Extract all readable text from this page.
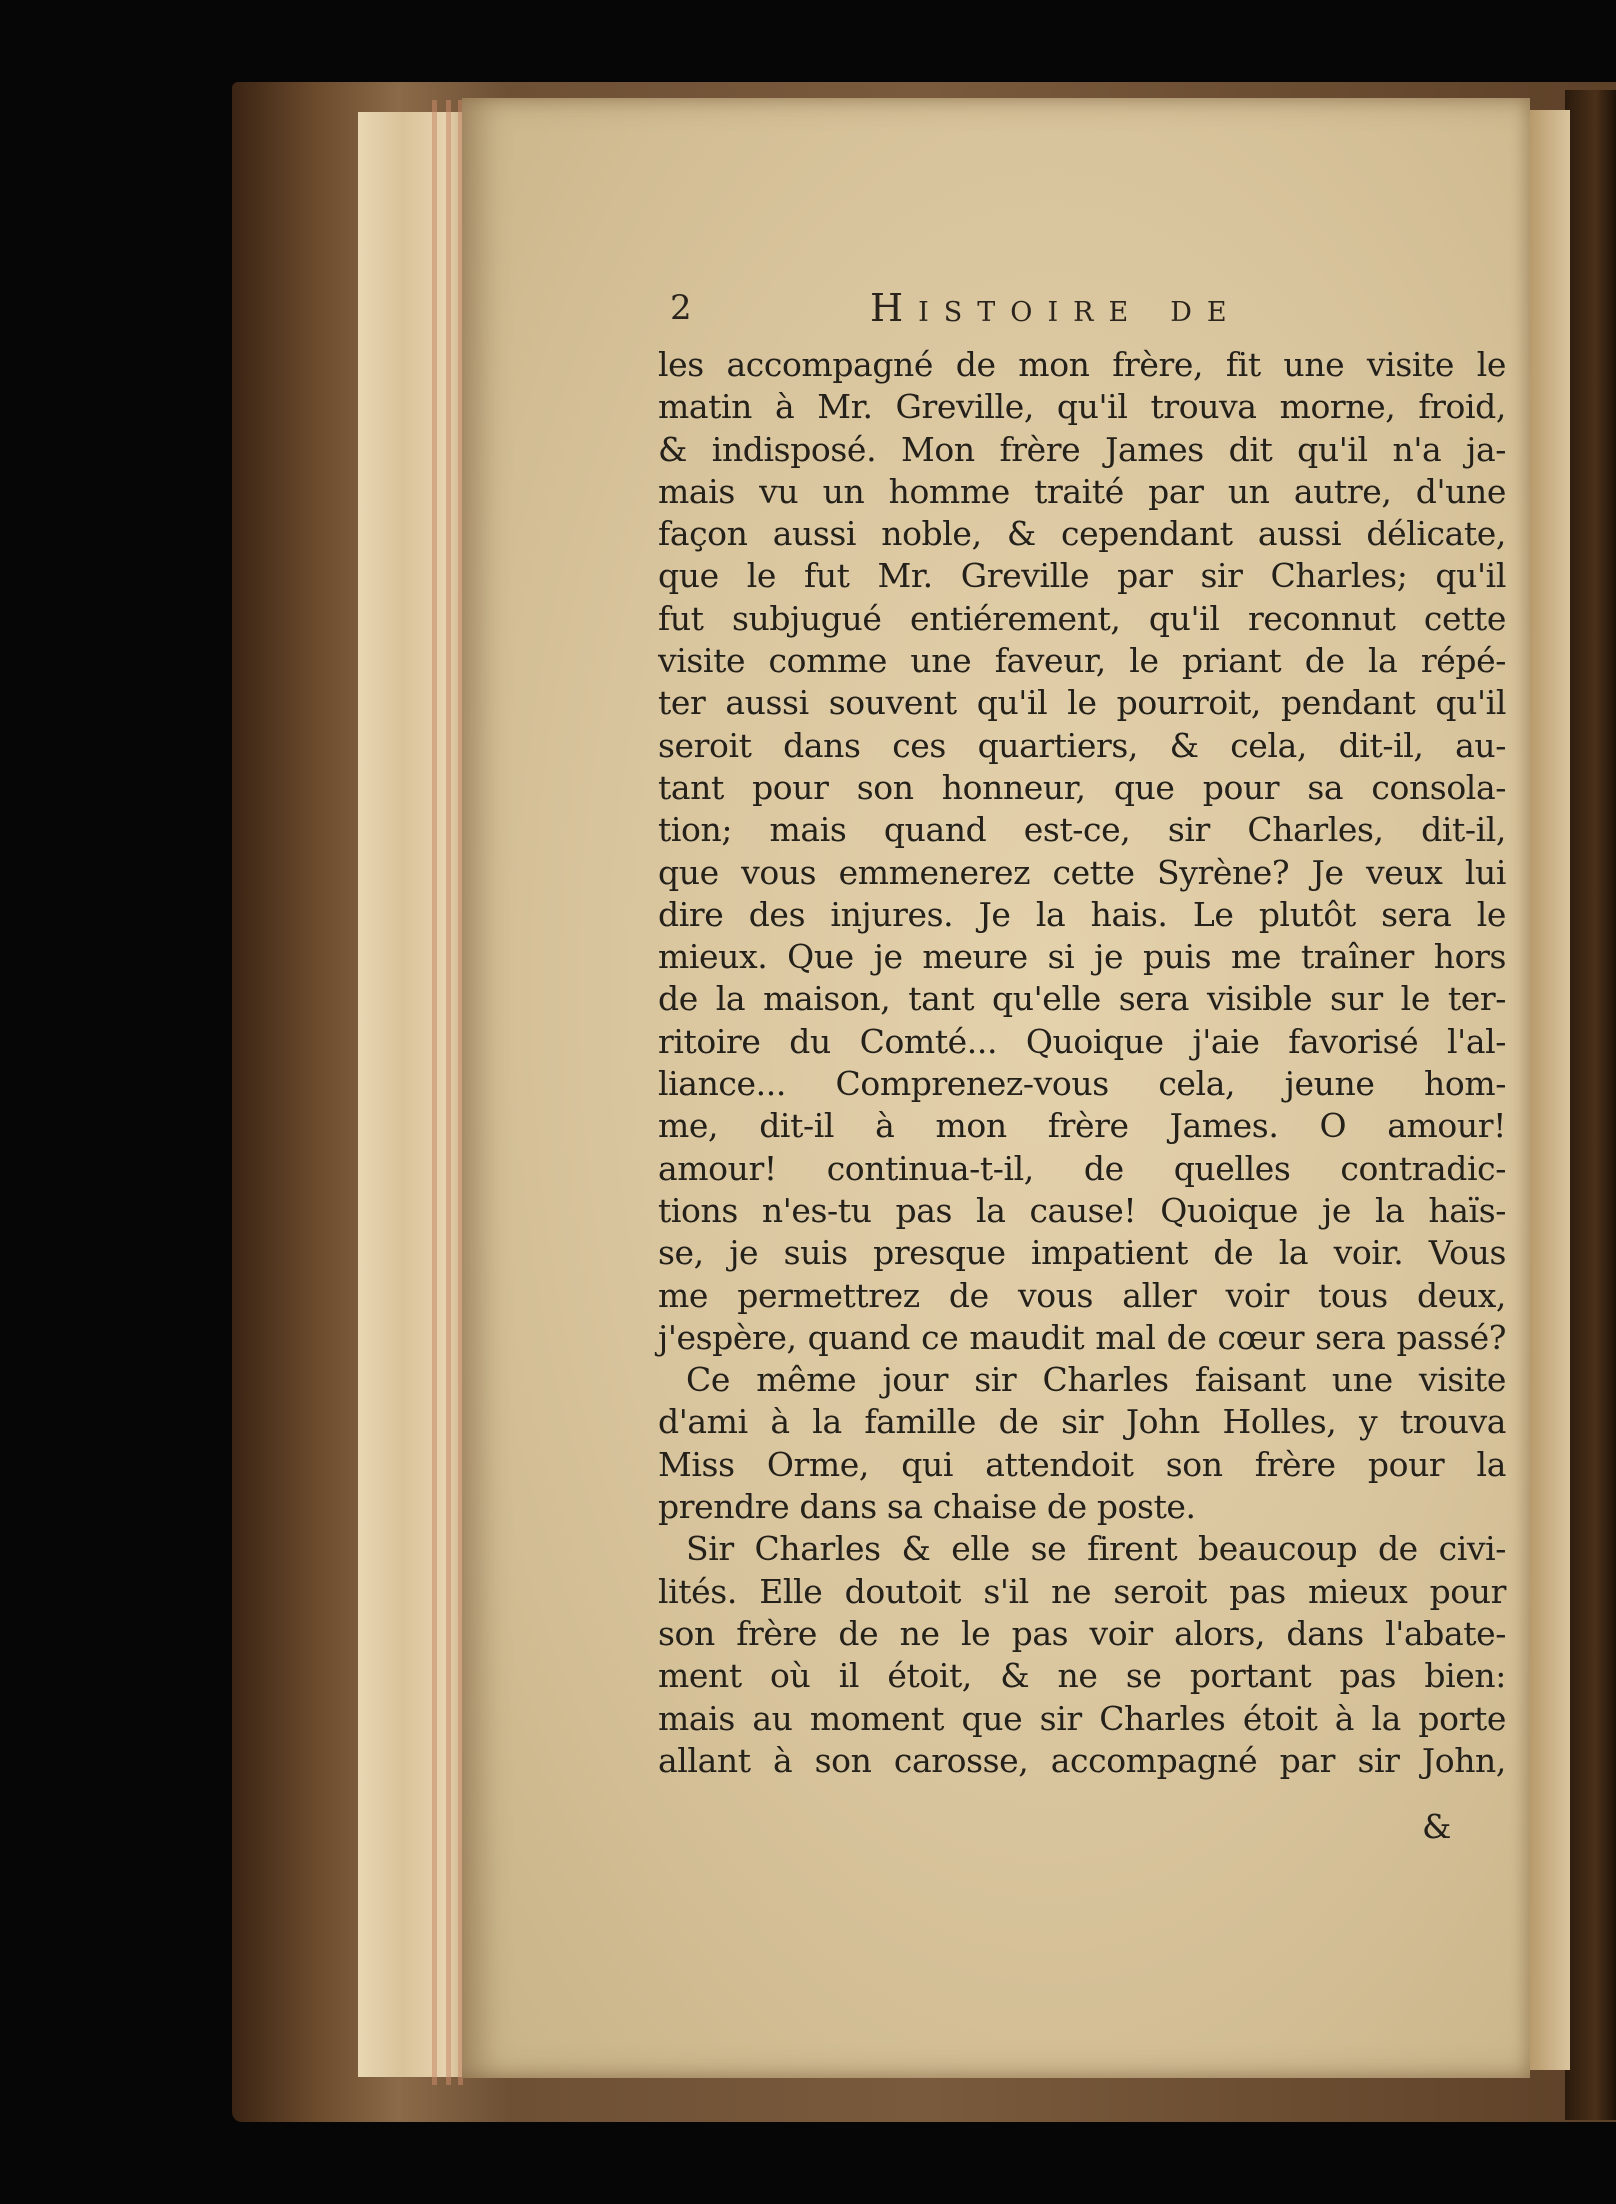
2	Histoire de
les accompagné de mon frère, fit une visite le
matin à Mr. Greville, qu'il trouva morne, froid,
& indisposé. Mon frère James dit qu'il n'a ja-
mais vu un homme traité par un autre, d'une
façon aussi noble, & cependant aussi délicate,
que le fut Mr. Greville par sir Charles; qu'il
fut subjugué entiérement, qu'il reconnut cette
visite comme une faveur, le priant de la répé-
ter aussi souvent qu'il le pourroit, pendant qu'il
seroit dans ces quartiers, & cela, dit-il, au-
tant pour son honneur, que pour sa consola-
tion; mais quand est-ce, sir Charles, dit-il,
que vous emmenerez cette Syrène? Je veux lui
dire des injures. Je la hais. Le plutôt sera le
mieux. Que je meure si je puis me traîner hors
de la maison, tant qu'elle sera visible sur le ter-
ritoire du Comté... Quoique j'aie favorisé l'al-
liance... Comprenez-vous cela, jeune hom-
me, dit-il à mon frère James. O amour!
amour! continua-t-il, de quelles contradic-
tions n'es-tu pas la cause! Quoique je la haïs-
se, je suis presque impatient de la voir. Vous
me permettrez de vous aller voir tous deux,
j'espère, quand ce maudit mal de cœur sera passé?
Ce même jour sir Charles faisant une visite
d'ami à la famille de sir John Holles, y trouva
Miss Orme, qui attendoit son frère pour la
prendre dans sa chaise de poste.
Sir Charles & elle se firent beaucoup de civi-
lités. Elle doutoit s'il ne seroit pas mieux pour
son frère de ne le pas voir alors, dans l'abate-
ment où il étoit, & ne se portant pas bien:
mais au moment que sir Charles étoit à la porte
allant à son carosse, accompagné par sir John,
&
